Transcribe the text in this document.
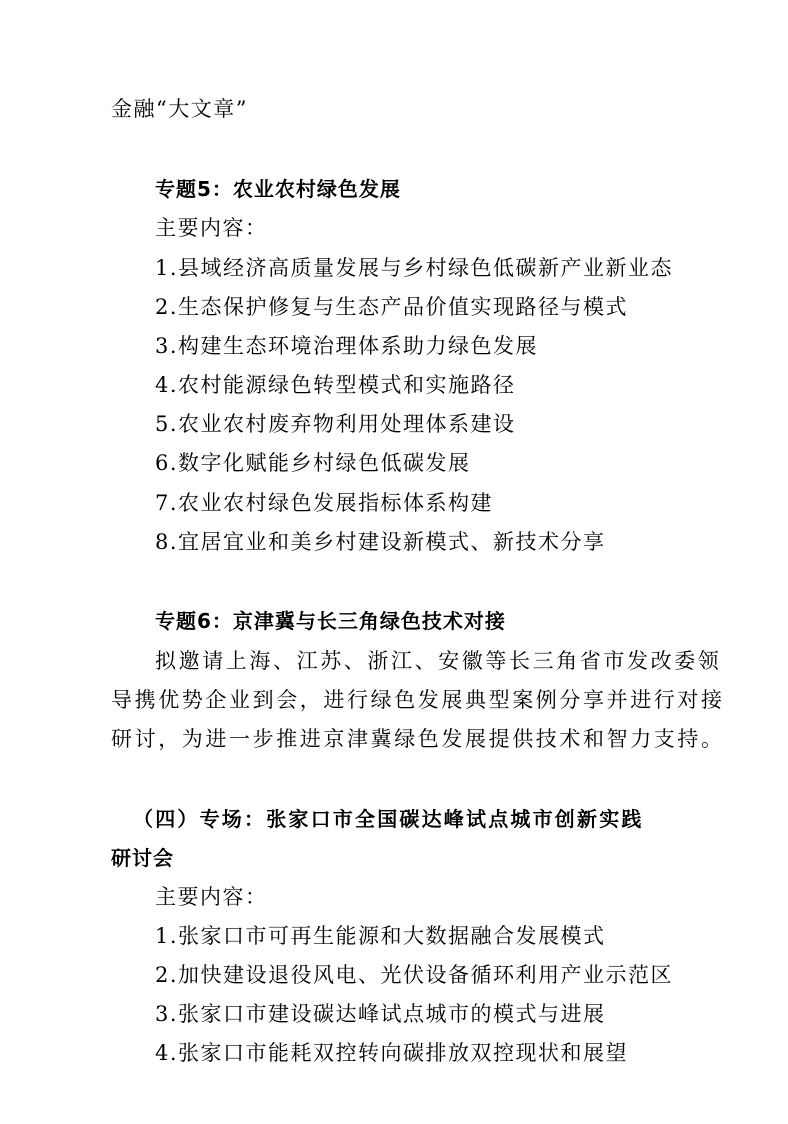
金融“大文章”
专题5：农业农村绿色发展
主要内容：
1.县域经济高质量发展与乡村绿色低碳新产业新业态
2.生态保护修复与生态产品价值实现路径与模式
3.构建生态环境治理体系助力绿色发展
4.农村能源绿色转型模式和实施路径
5.农业农村废弃物利用处理体系建设
6.数字化赋能乡村绿色低碳发展
7.农业农村绿色发展指标体系构建
8.宜居宜业和美乡村建设新模式、新技术分享
专题6：京津冀与长三角绿色技术对接
拟邀请上海、江苏、浙江、安徽等长三角省市发改委领
导携优势企业到会，进行绿色发展典型案例分享并进行对接
研讨，为进一步推进京津冀绿色发展提供技术和智力支持。
（四）专场：张家口市全国碳达峰试点城市创新实践
研讨会
主要内容：
1.张家口市可再生能源和大数据融合发展模式
2.加快建设退役风电、光伏设备循环利用产业示范区
3.张家口市建设碳达峰试点城市的模式与进展
4.张家口市能耗双控转向碳排放双控现状和展望
